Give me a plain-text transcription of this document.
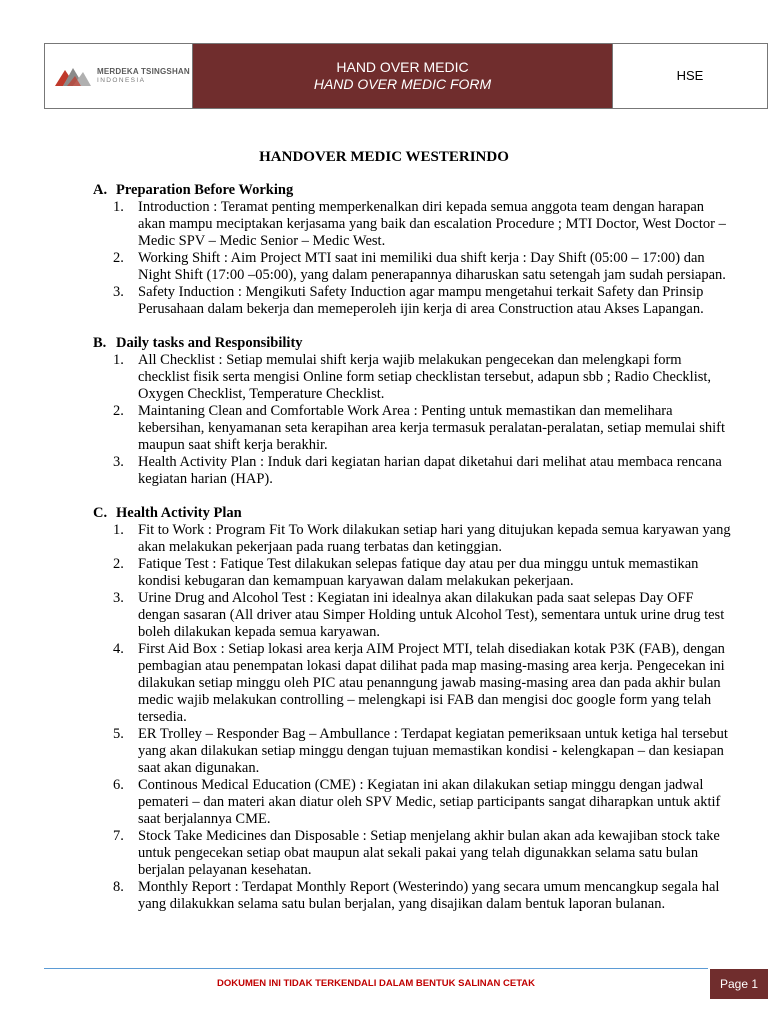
MERDEKA TSINGSHAN
INDONESIA
HAND OVER MEDIC
HAND OVER MEDIC FORM
HSE
HANDOVER MEDIC WESTERINDO
A. Preparation Before Working
1. Introduction : Teramat penting memperkenalkan diri kepada semua anggota team dengan harapan akan mampu meciptakan kerjasama yang baik dan escalation Procedure ; MTI Doctor, West Doctor – Medic SPV – Medic Senior – Medic West.
2. Working Shift : Aim Project MTI saat ini memiliki dua shift kerja : Day Shift (05:00 – 17:00) dan Night Shift (17:00 –05:00), yang dalam penerapannya diharuskan satu setengah jam sudah persiapan.
3. Safety Induction : Mengikuti Safety Induction agar mampu mengetahui terkait Safety dan Prinsip Perusahaan dalam bekerja dan memeperoleh ijin kerja di area Construction atau Akses Lapangan.
B. Daily tasks and Responsibility
1. All Checklist : Setiap memulai shift kerja wajib melakukan pengecekan dan melengkapi form checklist fisik serta mengisi Online form setiap checklistan tersebut, adapun sbb ; Radio Checklist, Oxygen Checklist, Temperature Checklist.
2. Maintaning Clean and Comfortable Work Area : Penting untuk memastikan dan memelihara kebersihan, kenyamanan seta kerapihan area kerja termasuk peralatan-peralatan, setiap memulai shift maupun saat shift kerja berakhir.
3. Health Activity Plan : Induk dari kegiatan harian dapat diketahui dari melihat atau membaca rencana kegiatan harian (HAP).
C. Health Activity Plan
1. Fit to Work : Program Fit To Work dilakukan setiap hari yang ditujukan kepada semua karyawan yang akan melakukan pekerjaan pada ruang terbatas dan ketinggian.
2. Fatique Test : Fatique Test dilakukan selepas fatique day atau per dua minggu untuk memastikan kondisi kebugaran dan kemampuan karyawan dalam melakukan pekerjaan.
3. Urine Drug and Alcohol Test : Kegiatan ini idealnya akan dilakukan pada saat selepas Day OFF dengan sasaran (All driver atau Simper Holding untuk Alcohol Test), sementara untuk urine drug test boleh dilakukan kepada semua karyawan.
4. First Aid Box : Setiap lokasi area kerja AIM Project MTI, telah disediakan kotak P3K (FAB), dengan pembagian atau penempatan lokasi dapat dilihat pada map masing-masing area kerja. Pengecekan ini dilakukan setiap minggu oleh PIC atau penanngung jawab masing-masing area dan pada akhir bulan medic wajib melakukan controlling – melengkapi isi FAB dan mengisi doc google form yang telah tersedia.
5. ER Trolley – Responder Bag – Ambullance : Terdapat kegiatan pemeriksaan untuk ketiga hal tersebut yang akan dilakukan setiap minggu dengan tujuan memastikan kondisi - kelengkapan – dan kesiapan saat akan digunakan.
6. Continous Medical Education (CME) : Kegiatan ini akan dilakukan setiap minggu dengan jadwal pemateri – dan materi akan diatur oleh SPV Medic, setiap participants sangat diharapkan untuk aktif saat berjalannya CME.
7. Stock Take Medicines dan Disposable : Setiap menjelang akhir bulan akan ada kewajiban stock take untuk pengecekan setiap obat maupun alat sekali pakai yang telah digunakkan selama satu bulan berjalan pelayanan kesehatan.
8. Monthly Report : Terdapat Monthly Report (Westerindo) yang secara umum mencangkup segala hal yang dilakukkan selama satu bulan berjalan, yang disajikan dalam bentuk laporan bulanan.
DOKUMEN INI TIDAK TERKENDALI DALAM BENTUK SALINAN CETAK	Page 1
